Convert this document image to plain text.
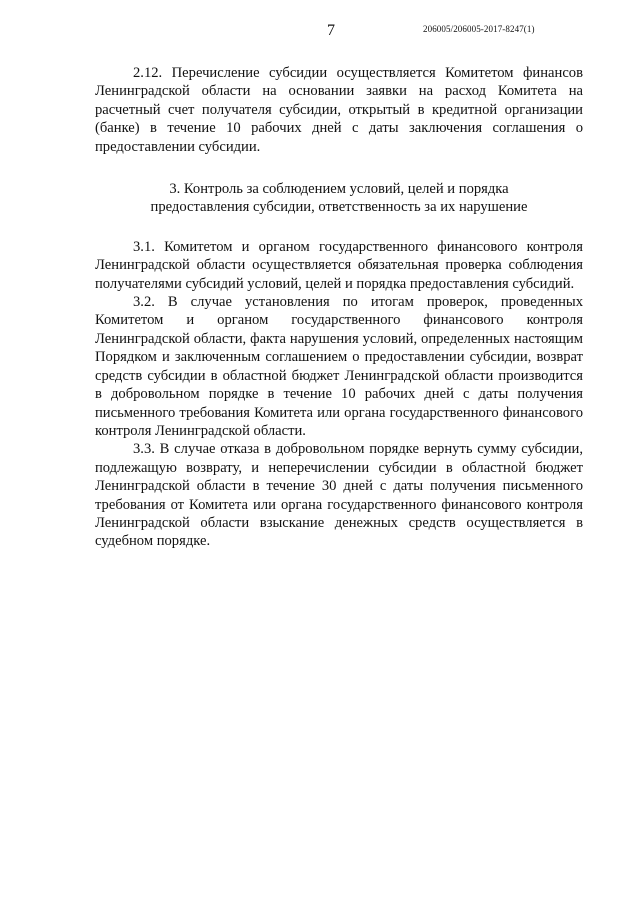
7	206005/206005-2017-8247(1)

2.12. Перечисление субсидии осуществляется Комитетом финансов Ленинградской области на основании заявки на расход Комитета на расчетный счет получателя субсидии, открытый в кредитной организации (банке) в течение 10 рабочих дней с даты заключения соглашения о предоставлении субсидии.

3. Контроль за соблюдением условий, целей и порядка
предоставления субсидии, ответственность за их нарушение

3.1. Комитетом и органом государственного финансового контроля Ленинградской области осуществляется обязательная проверка соблюдения получателями субсидий условий, целей и порядка предоставления субсидий.

3.2. В случае установления по итогам проверок, проведенных Комитетом и органом государственного финансового контроля Ленинградской области, факта нарушения условий, определенных настоящим Порядком и заключенным соглашением о предоставлении субсидии, возврат средств субсидии в областной бюджет Ленинградской области производится в добровольном порядке в течение 10 рабочих дней с даты получения письменного требования Комитета или органа государственного финансового контроля Ленинградской области.

3.3. В случае отказа в добровольном порядке вернуть сумму субсидии, подлежащую возврату, и неперечислении субсидии в областной бюджет Ленинградской области в течение 30 дней с даты получения письменного требования от Комитета или органа государственного финансового контроля Ленинградской области взыскание денежных средств осуществляется в судебном порядке.
